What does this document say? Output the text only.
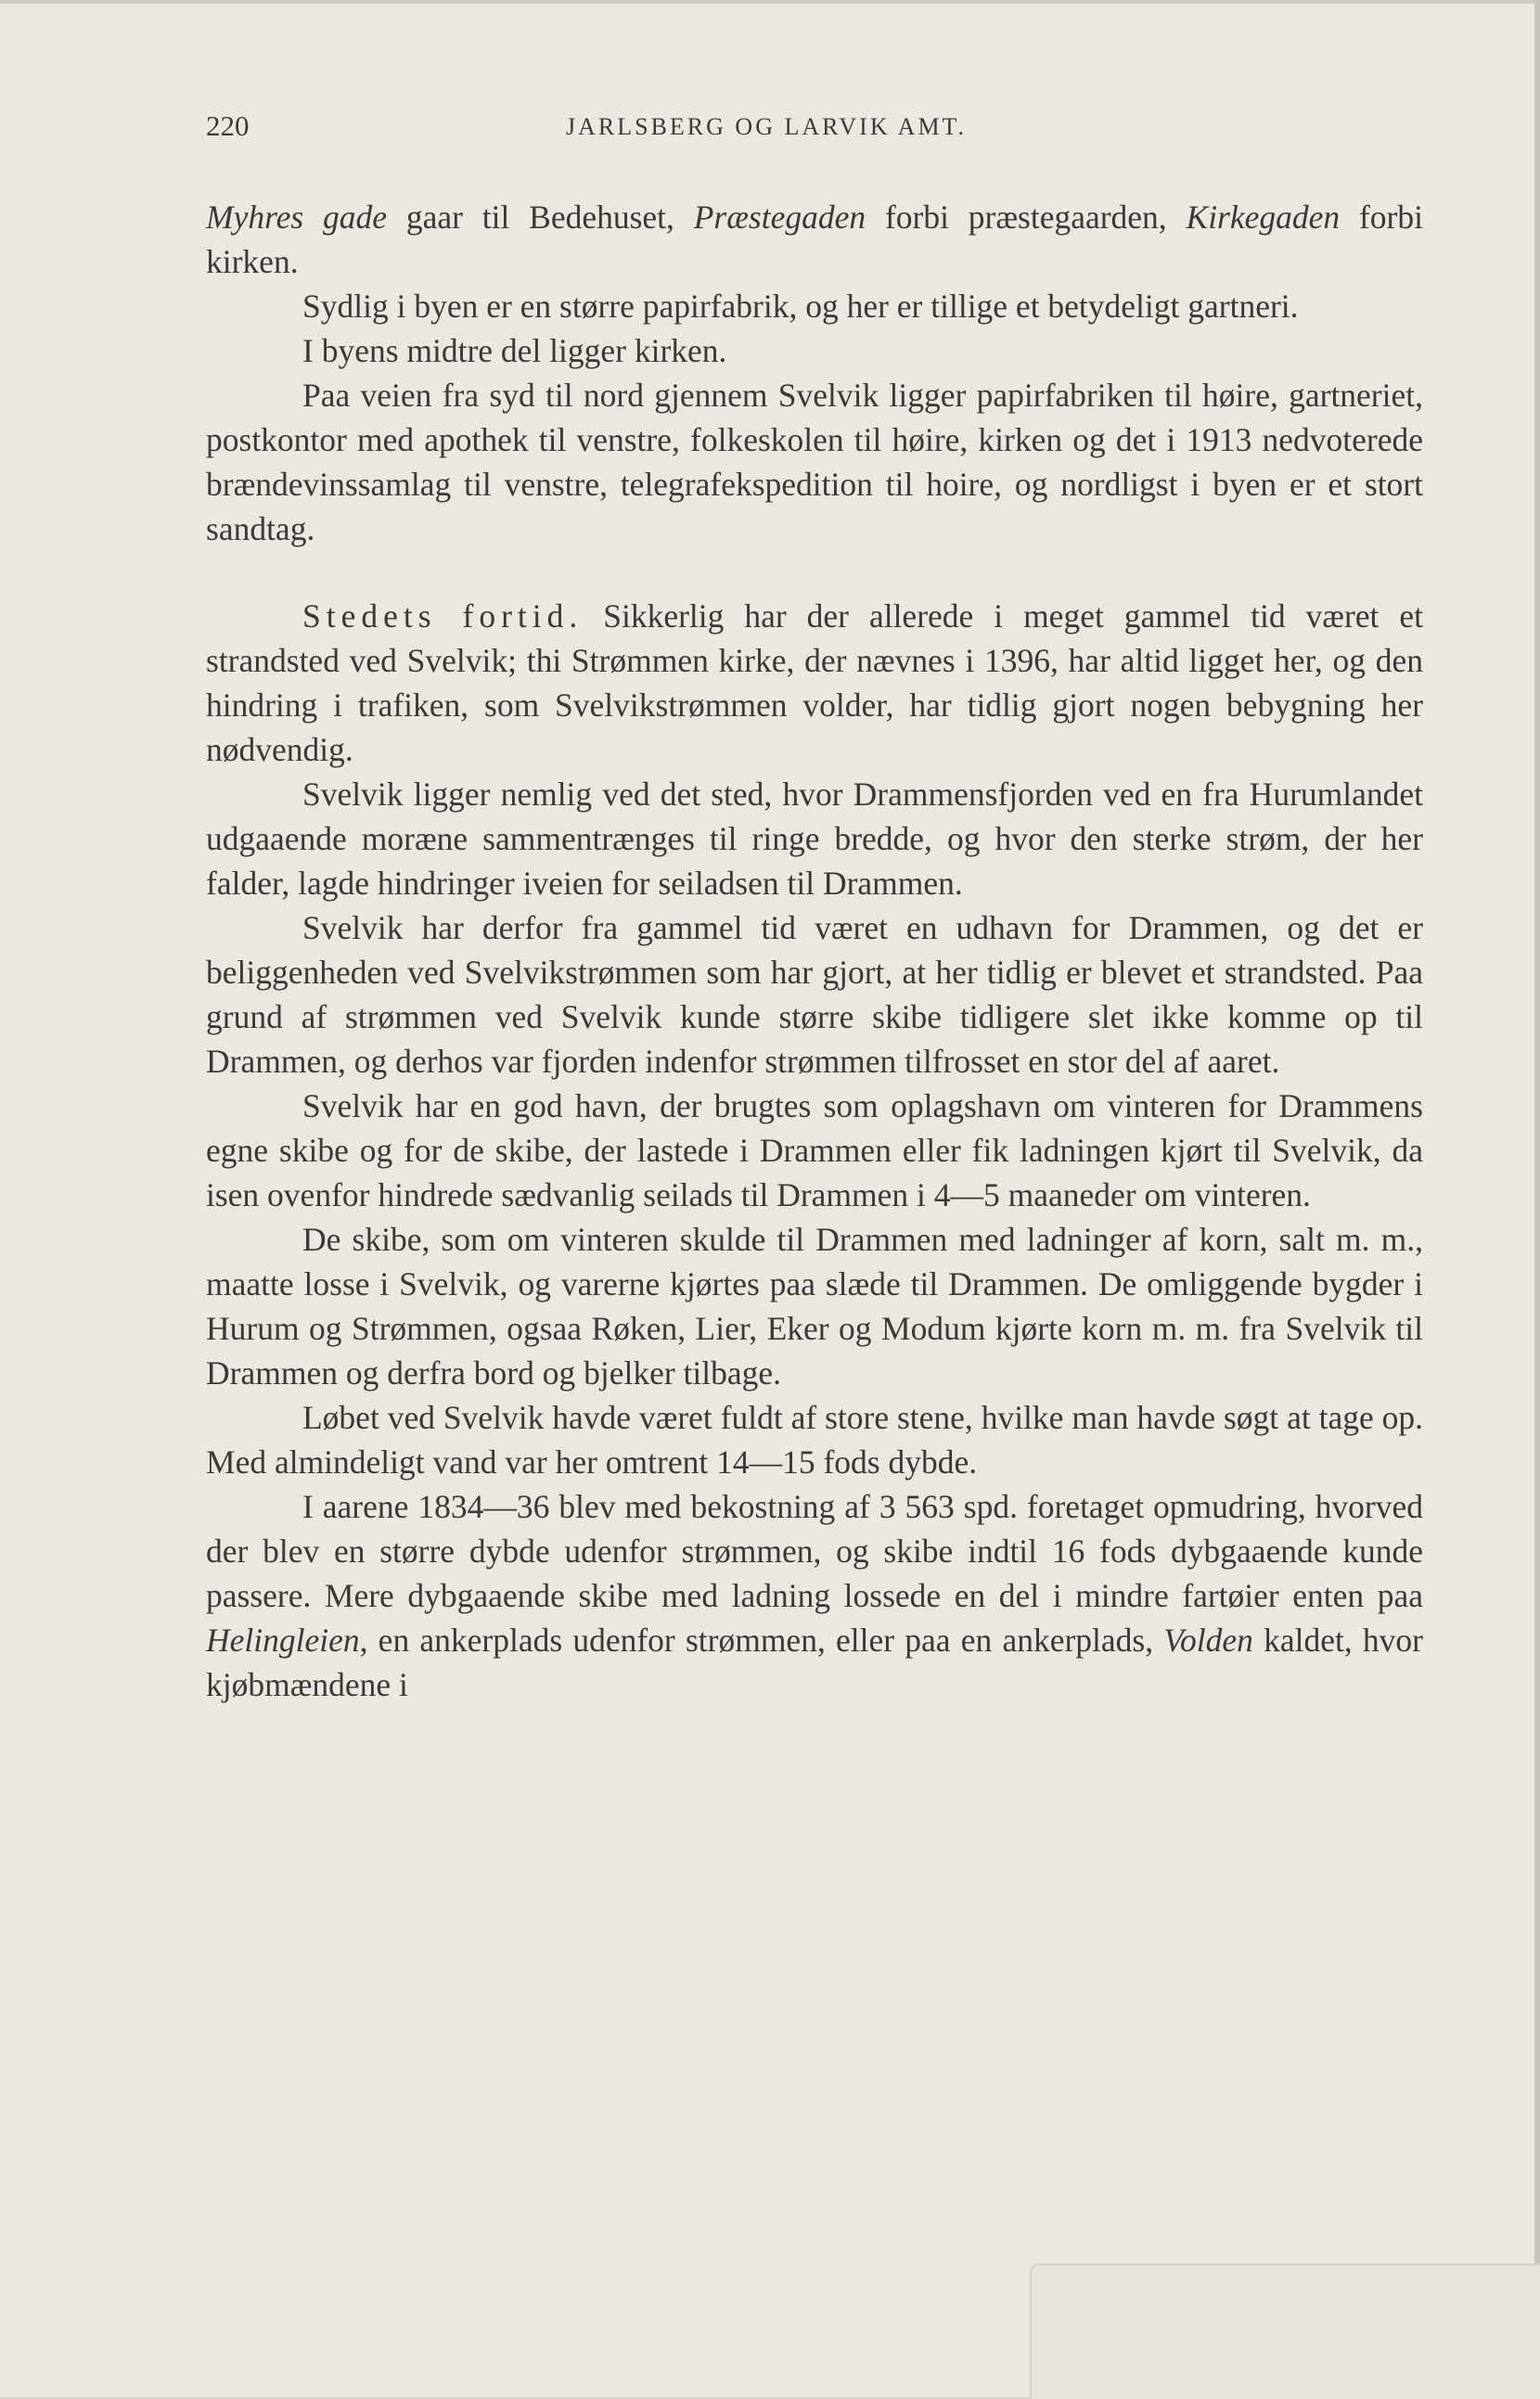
220	JARLSBERG OG LARVIK AMT.

Myhres gade gaar til Bedehuset, Præstegaden forbi præstegaarden, Kirkegaden forbi kirken.

Sydlig i byen er en større papirfabrik, og her er tillige et betydeligt gartneri.

I byens midtre del ligger kirken.

Paa veien fra syd til nord gjennem Svelvik ligger papirfabriken til høire, gartneriet, postkontor med apothek til venstre, folkeskolen til høire, kirken og det i 1913 nedvoterede brændevinssamlag til venstre, telegrafekspedition til hoire, og nordligst i byen er et stort sandtag.

Stedets fortid. Sikkerlig har der allerede i meget gammel tid været et strandsted ved Svelvik; thi Strømmen kirke, der nævnes i 1396, har altid ligget her, og den hindring i trafiken, som Svelvikstrømmen volder, har tidlig gjort nogen bebygning her nødvendig.

Svelvik ligger nemlig ved det sted, hvor Drammensfjorden ved en fra Hurumlandet udgaaende moræne sammentrænges til ringe bredde, og hvor den sterke strøm, der her falder, lagde hindringer iveien for seiladsen til Drammen.

Svelvik har derfor fra gammel tid været en udhavn for Drammen, og det er beliggenheden ved Svelvikstrømmen som har gjort, at her tidlig er blevet et strandsted. Paa grund af strømmen ved Svelvik kunde større skibe tidligere slet ikke komme op til Drammen, og derhos var fjorden indenfor strømmen tilfrosset en stor del af aaret.

Svelvik har en god havn, der brugtes som oplagshavn om vinteren for Drammens egne skibe og for de skibe, der lastede i Drammen eller fik ladningen kjørt til Svelvik, da isen ovenfor hindrede sædvanlig seilads til Drammen i 4—5 maaneder om vinteren.

De skibe, som om vinteren skulde til Drammen med ladninger af korn, salt m. m., maatte losse i Svelvik, og varerne kjørtes paa slæde til Drammen. De omliggende bygder i Hurum og Strømmen, ogsaa Røken, Lier, Eker og Modum kjørte korn m. m. fra Svelvik til Drammen og derfra bord og bjelker tilbage.

Løbet ved Svelvik havde været fuldt af store stene, hvilke man havde søgt at tage op. Med almindeligt vand var her omtrent 14—15 fods dybde.

I aarene 1834—36 blev med bekostning af 3 563 spd. foretaget opmudring, hvorved der blev en større dybde udenfor strømmen, og skibe indtil 16 fods dybgaaende kunde passere. Mere dybgaaende skibe med ladning lossede en del i mindre fartøier enten paa Helingleien, en ankerplads udenfor strømmen, eller paa en ankerplads, Volden kaldet, hvor kjøbmændene i
